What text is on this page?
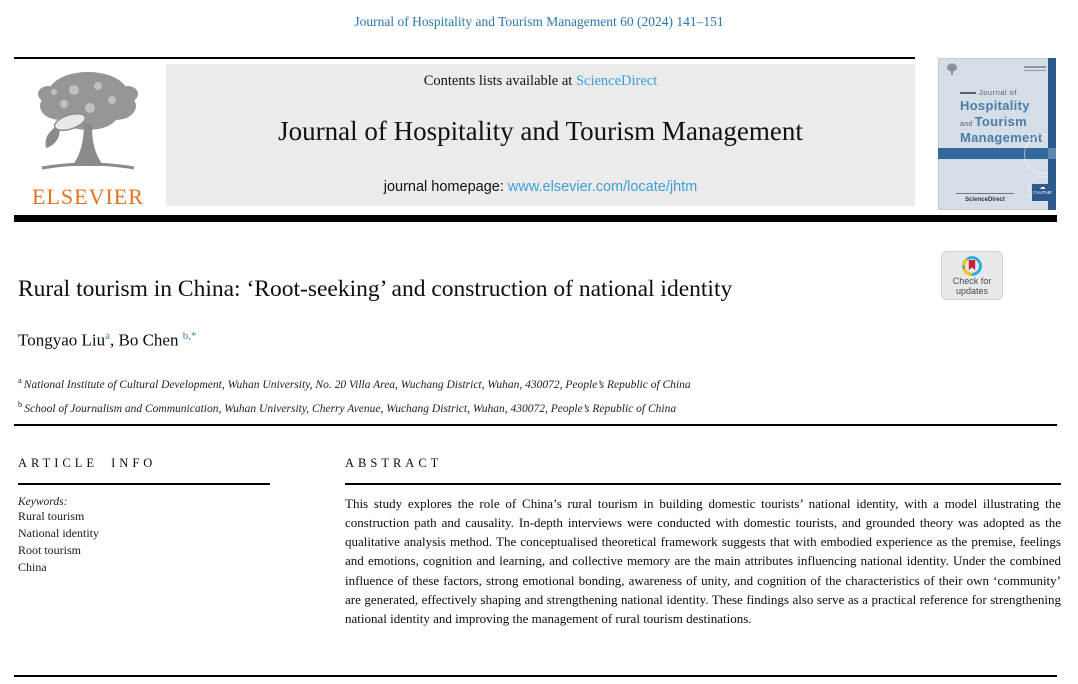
Journal of Hospitality and Tourism Management 60 (2024) 141–151
ELSEVIER
Contents lists available at ScienceDirect
Journal of Hospitality and Tourism Management
journal homepage: www.elsevier.com/locate/jhtm
Journal of
Hospitality
and Tourism
Management
ScienceDirect
☁
CAUTHE
Check for
updates
Rural tourism in China: ‘Root-seeking’ and construction of national identity
Tongyao Liu$^a$, Bo Chen $^{b,*}$
$^a$ National Institute of Cultural Development, Wuhan University, No. 20 Villa Area, Wuchang District, Wuhan, 430072, People’s Republic of China
$^b$ School of Journalism and Communication, Wuhan University, Cherry Avenue, Wuchang District, Wuhan, 430072, People’s Republic of China
ARTICLE INFO
Keywords:
Rural tourism
National identity
Root tourism
China
ABSTRACT
This study explores the role of China’s rural tourism in building domestic tourists’ national identity, with a model illustrating the construction path and causality. In-depth interviews were conducted with domestic tourists, and grounded theory was adopted as the qualitative analysis method. The conceptualised theoretical framework suggests that with embodied experience as the premise, feelings and emotions, cognition and learning, and collective memory are the main attributes influencing national identity. Under the combined influence of these factors, strong emotional bonding, awareness of unity, and cognition of the characteristics of their own ‘community’ are generated, effectively shaping and strengthening national identity. These findings also serve as a practical reference for strengthening national identity and improving the management of rural tourism destinations.
